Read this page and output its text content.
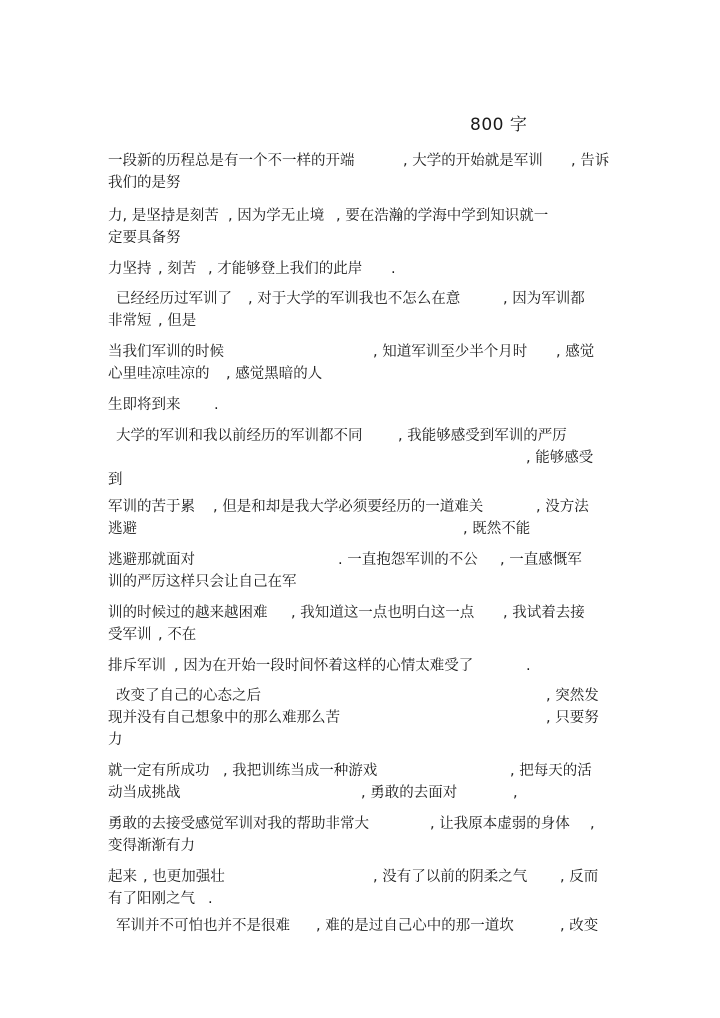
800 字
一段新的历程总是有一个不一样的开端	, 大学的开始就是军训 , 告诉
我们的是努
力, 是坚持
, 是刻苦 , 因为学无止境 , 要在浩瀚的学海中学到知识就一
定要具备努
力坚持 , 刻苦 , 才能够登上我们的此岸 .
已经经历过军训了 , 对于大学的军训我也不怎么在意	, 因为军训都
非常短 , 但是
当我们军训的时候	, 知道军训至少半个月时 , 感觉
心里哇凉哇凉的 , 感觉黑暗的人
生即将到来 .
大学的军训和我以前经历的军训都不同 , 我能够感受到军训的严厉
, 能够感受
到
军训的苦于累 , 但是和却是我大学必须要经历的一道难关	, 没方法
逃避	, 既然不能
逃避那就面对	. 一直抱怨军训的不公 , 一直感慨军
训的严厉这样只会让自己在军
训的时候过的越来越困难 , 我知道这一点也明白这一点 , 我试着去接
受军训 , 不在
排斥军训 , 因为在开始一段时间怀着这样的心情太难受了	.
改变了自己的心态之后	, 突然发
现并没有自己想象中的那么难那么苦	, 只要努
力
就一定有所成功 , 我把训练当成一种游戏	, 把每天的活
动当成挑战	, 勇敢的去面对	,
勇敢的去接受感觉军训对我的帮助非常大	, 让我原本虚弱的身体 ,
变得渐渐有力
起来 , 也更加强壮	, 没有了以前的阴柔之气 , 反而
有了阳刚之气 .
军训并不可怕也并不是很难 , 难的是过自己心中的那一道坎	, 改变
